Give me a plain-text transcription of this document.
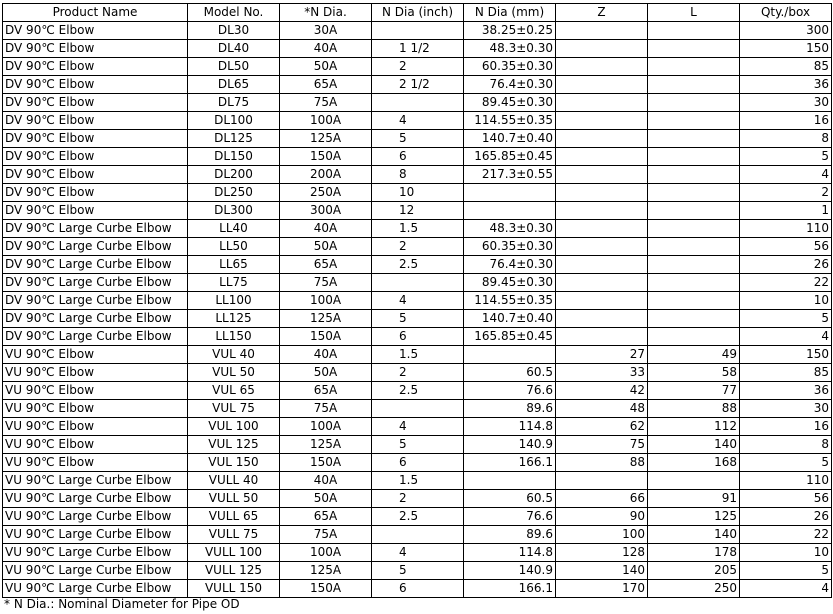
Product Name	Model No.	*N Dia.	N Dia (inch)	N Dia (mm)	Z	L	Qty./box
DV 90℃ Elbow	DL30	30A		38.25±0.25			300
DV 90℃ Elbow	DL40	40A	1 1/2	48.3±0.30			150
DV 90℃ Elbow	DL50	50A	2	60.35±0.30			85
DV 90℃ Elbow	DL65	65A	2 1/2	76.4±0.30			36
DV 90℃ Elbow	DL75	75A		89.45±0.30			30
DV 90℃ Elbow	DL100	100A	4	114.55±0.35			16
DV 90℃ Elbow	DL125	125A	5	140.7±0.40			8
DV 90℃ Elbow	DL150	150A	6	165.85±0.45			5
DV 90℃ Elbow	DL200	200A	8	217.3±0.55			4
DV 90℃ Elbow	DL250	250A	10				2
DV 90℃ Elbow	DL300	300A	12				1
DV 90℃ Large Curbe Elbow	LL40	40A	1.5	48.3±0.30			110
DV 90℃ Large Curbe Elbow	LL50	50A	2	60.35±0.30			56
DV 90℃ Large Curbe Elbow	LL65	65A	2.5	76.4±0.30			26
DV 90℃ Large Curbe Elbow	LL75	75A		89.45±0.30			22
DV 90℃ Large Curbe Elbow	LL100	100A	4	114.55±0.35			10
DV 90℃ Large Curbe Elbow	LL125	125A	5	140.7±0.40			5
DV 90℃ Large Curbe Elbow	LL150	150A	6	165.85±0.45			4
VU 90℃ Elbow	VUL 40	40A	1.5		27	49	150
VU 90℃ Elbow	VUL 50	50A	2	60.5	33	58	85
VU 90℃ Elbow	VUL 65	65A	2.5	76.6	42	77	36
VU 90℃ Elbow	VUL 75	75A		89.6	48	88	30
VU 90℃ Elbow	VUL 100	100A	4	114.8	62	112	16
VU 90℃ Elbow	VUL 125	125A	5	140.9	75	140	8
VU 90℃ Elbow	VUL 150	150A	6	166.1	88	168	5
VU 90℃ Large Curbe Elbow	VULL 40	40A	1.5				110
VU 90℃ Large Curbe Elbow	VULL 50	50A	2	60.5	66	91	56
VU 90℃ Large Curbe Elbow	VULL 65	65A	2.5	76.6	90	125	26
VU 90℃ Large Curbe Elbow	VULL 75	75A		89.6	100	140	22
VU 90℃ Large Curbe Elbow	VULL 100	100A	4	114.8	128	178	10
VU 90℃ Large Curbe Elbow	VULL 125	125A	5	140.9	140	205	5
VU 90℃ Large Curbe Elbow	VULL 150	150A	6	166.1	170	250	4
* N Dia.: Nominal Diameter for Pipe OD
